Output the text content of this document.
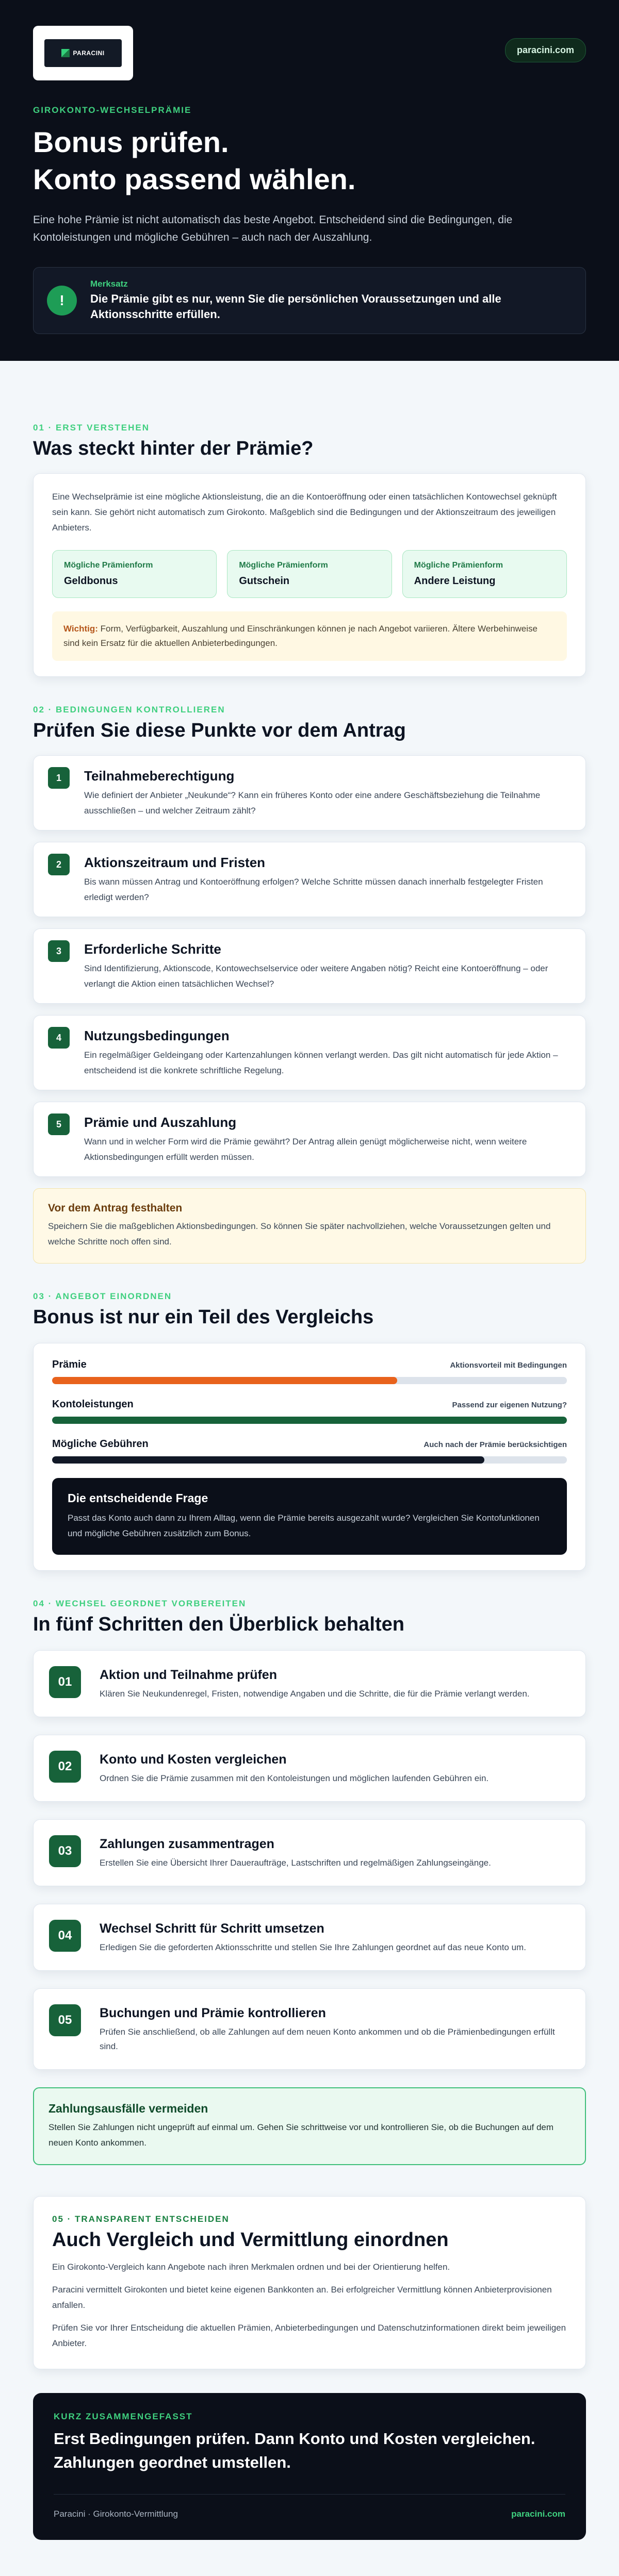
PARACINI	paracini.com
GIROKONTO-WECHSELPRÄMIE
Bonus prüfen.
Konto passend wählen.

Eine hohe Prämie ist nicht automatisch das beste Angebot. Entscheidend sind die Bedingungen, die Kontoleistungen und mögliche Gebühren – auch nach der Auszahlung.

!
Merksatz
Die Prämie gibt es nur, wenn Sie die persönlichen Voraussetzungen und alle Aktionsschritte erfüllen.
01 · ERST VERSTEHEN
Was steckt hinter der Prämie?

Eine Wechselprämie ist eine mögliche Aktionsleistung, die an die Kontoeröffnung oder einen tatsächlichen Kontowechsel geknüpft sein kann. Sie gehört nicht automatisch zum Girokonto. Maßgeblich sind die Bedingungen und der Aktionszeitraum des jeweiligen Anbieters.

Mögliche Prämienform
Geldbonus
Mögliche Prämienform
Gutschein
Mögliche Prämienform
Andere Leistung
Wichtig: Form, Verfügbarkeit, Auszahlung und Einschränkungen können je nach Angebot variieren. Ältere Werbehinweise sind kein Ersatz für die aktuellen Anbieterbedingungen.
02 · BEDINGUNGEN KONTROLLIEREN
Prüfen Sie diese Punkte vor dem Antrag
1	Teilnahmeberechtigung
Wie definiert der Anbieter „Neukunde“? Kann ein früheres Konto oder eine andere Geschäftsbeziehung die Teilnahme ausschließen – und welcher Zeitraum zählt?
2	Aktionszeitraum und Fristen
Bis wann müssen Antrag und Kontoeröffnung erfolgen? Welche Schritte müssen danach innerhalb festgelegter Fristen erledigt werden?
3	Erforderliche Schritte
Sind Identifizierung, Aktionscode, Kontowechselservice oder weitere Angaben nötig? Reicht eine Kontoeröffnung – oder verlangt die Aktion einen tatsächlichen Wechsel?
4	Nutzungsbedingungen
Ein regelmäßiger Geldeingang oder Kartenzahlungen können verlangt werden. Das gilt nicht automatisch für jede Aktion – entscheidend ist die konkrete schriftliche Regelung.
5	Prämie und Auszahlung
Wann und in welcher Form wird die Prämie gewährt? Der Antrag allein genügt möglicherweise nicht, wenn weitere Aktionsbedingungen erfüllt werden müssen.
Vor dem Antrag festhalten
Speichern Sie die maßgeblichen Aktionsbedingungen. So können Sie später nachvollziehen, welche Voraussetzungen gelten und welche Schritte noch offen sind.
03 · ANGEBOT EINORDNEN
Bonus ist nur ein Teil des Vergleichs
Prämie	Aktionsvorteil mit Bedingungen
Kontoleistungen	Passend zur eigenen Nutzung?
Mögliche Gebühren	Auch nach der Prämie berücksichtigen
Die entscheidende Frage
Passt das Konto auch dann zu Ihrem Alltag, wenn die Prämie bereits ausgezahlt wurde? Vergleichen Sie Kontofunktionen und mögliche Gebühren zusätzlich zum Bonus.
04 · WECHSEL GEORDNET VORBEREITEN
In fünf Schritten den Überblick behalten
01	Aktion und Teilnahme prüfen
Klären Sie Neukundenregel, Fristen, notwendige Angaben und die Schritte, die für die Prämie verlangt werden.
02	Konto und Kosten vergleichen
Ordnen Sie die Prämie zusammen mit den Kontoleistungen und möglichen laufenden Gebühren ein.
03	Zahlungen zusammentragen
Erstellen Sie eine Übersicht Ihrer Daueraufträge, Lastschriften und regelmäßigen Zahlungseingänge.
04	Wechsel Schritt für Schritt umsetzen
Erledigen Sie die geforderten Aktionsschritte und stellen Sie Ihre Zahlungen geordnet auf das neue Konto um.
05	Buchungen und Prämie kontrollieren
Prüfen Sie anschließend, ob alle Zahlungen auf dem neuen Konto ankommen und ob die Prämienbedingungen erfüllt sind.
Zahlungsausfälle vermeiden
Stellen Sie Zahlungen nicht ungeprüft auf einmal um. Gehen Sie schrittweise vor und kontrollieren Sie, ob die Buchungen auf dem neuen Konto ankommen.
05 · TRANSPARENT ENTSCHEIDEN
Auch Vergleich und Vermittlung einordnen

Ein Girokonto-Vergleich kann Angebote nach ihren Merkmalen ordnen und bei der Orientierung helfen.

Paracini vermittelt Girokonten und bietet keine eigenen Bankkonten an. Bei erfolgreicher Vermittlung können Anbieterprovisionen anfallen.

Prüfen Sie vor Ihrer Entscheidung die aktuellen Prämien, Anbieterbedingungen und Datenschutzinformationen direkt beim jeweiligen Anbieter.

KURZ ZUSAMMENGEFASST
Erst Bedingungen prüfen. Dann Konto und Kosten vergleichen. Zahlungen geordnet umstellen.
Paracini · Girokonto-Vermittlung	paracini.com
